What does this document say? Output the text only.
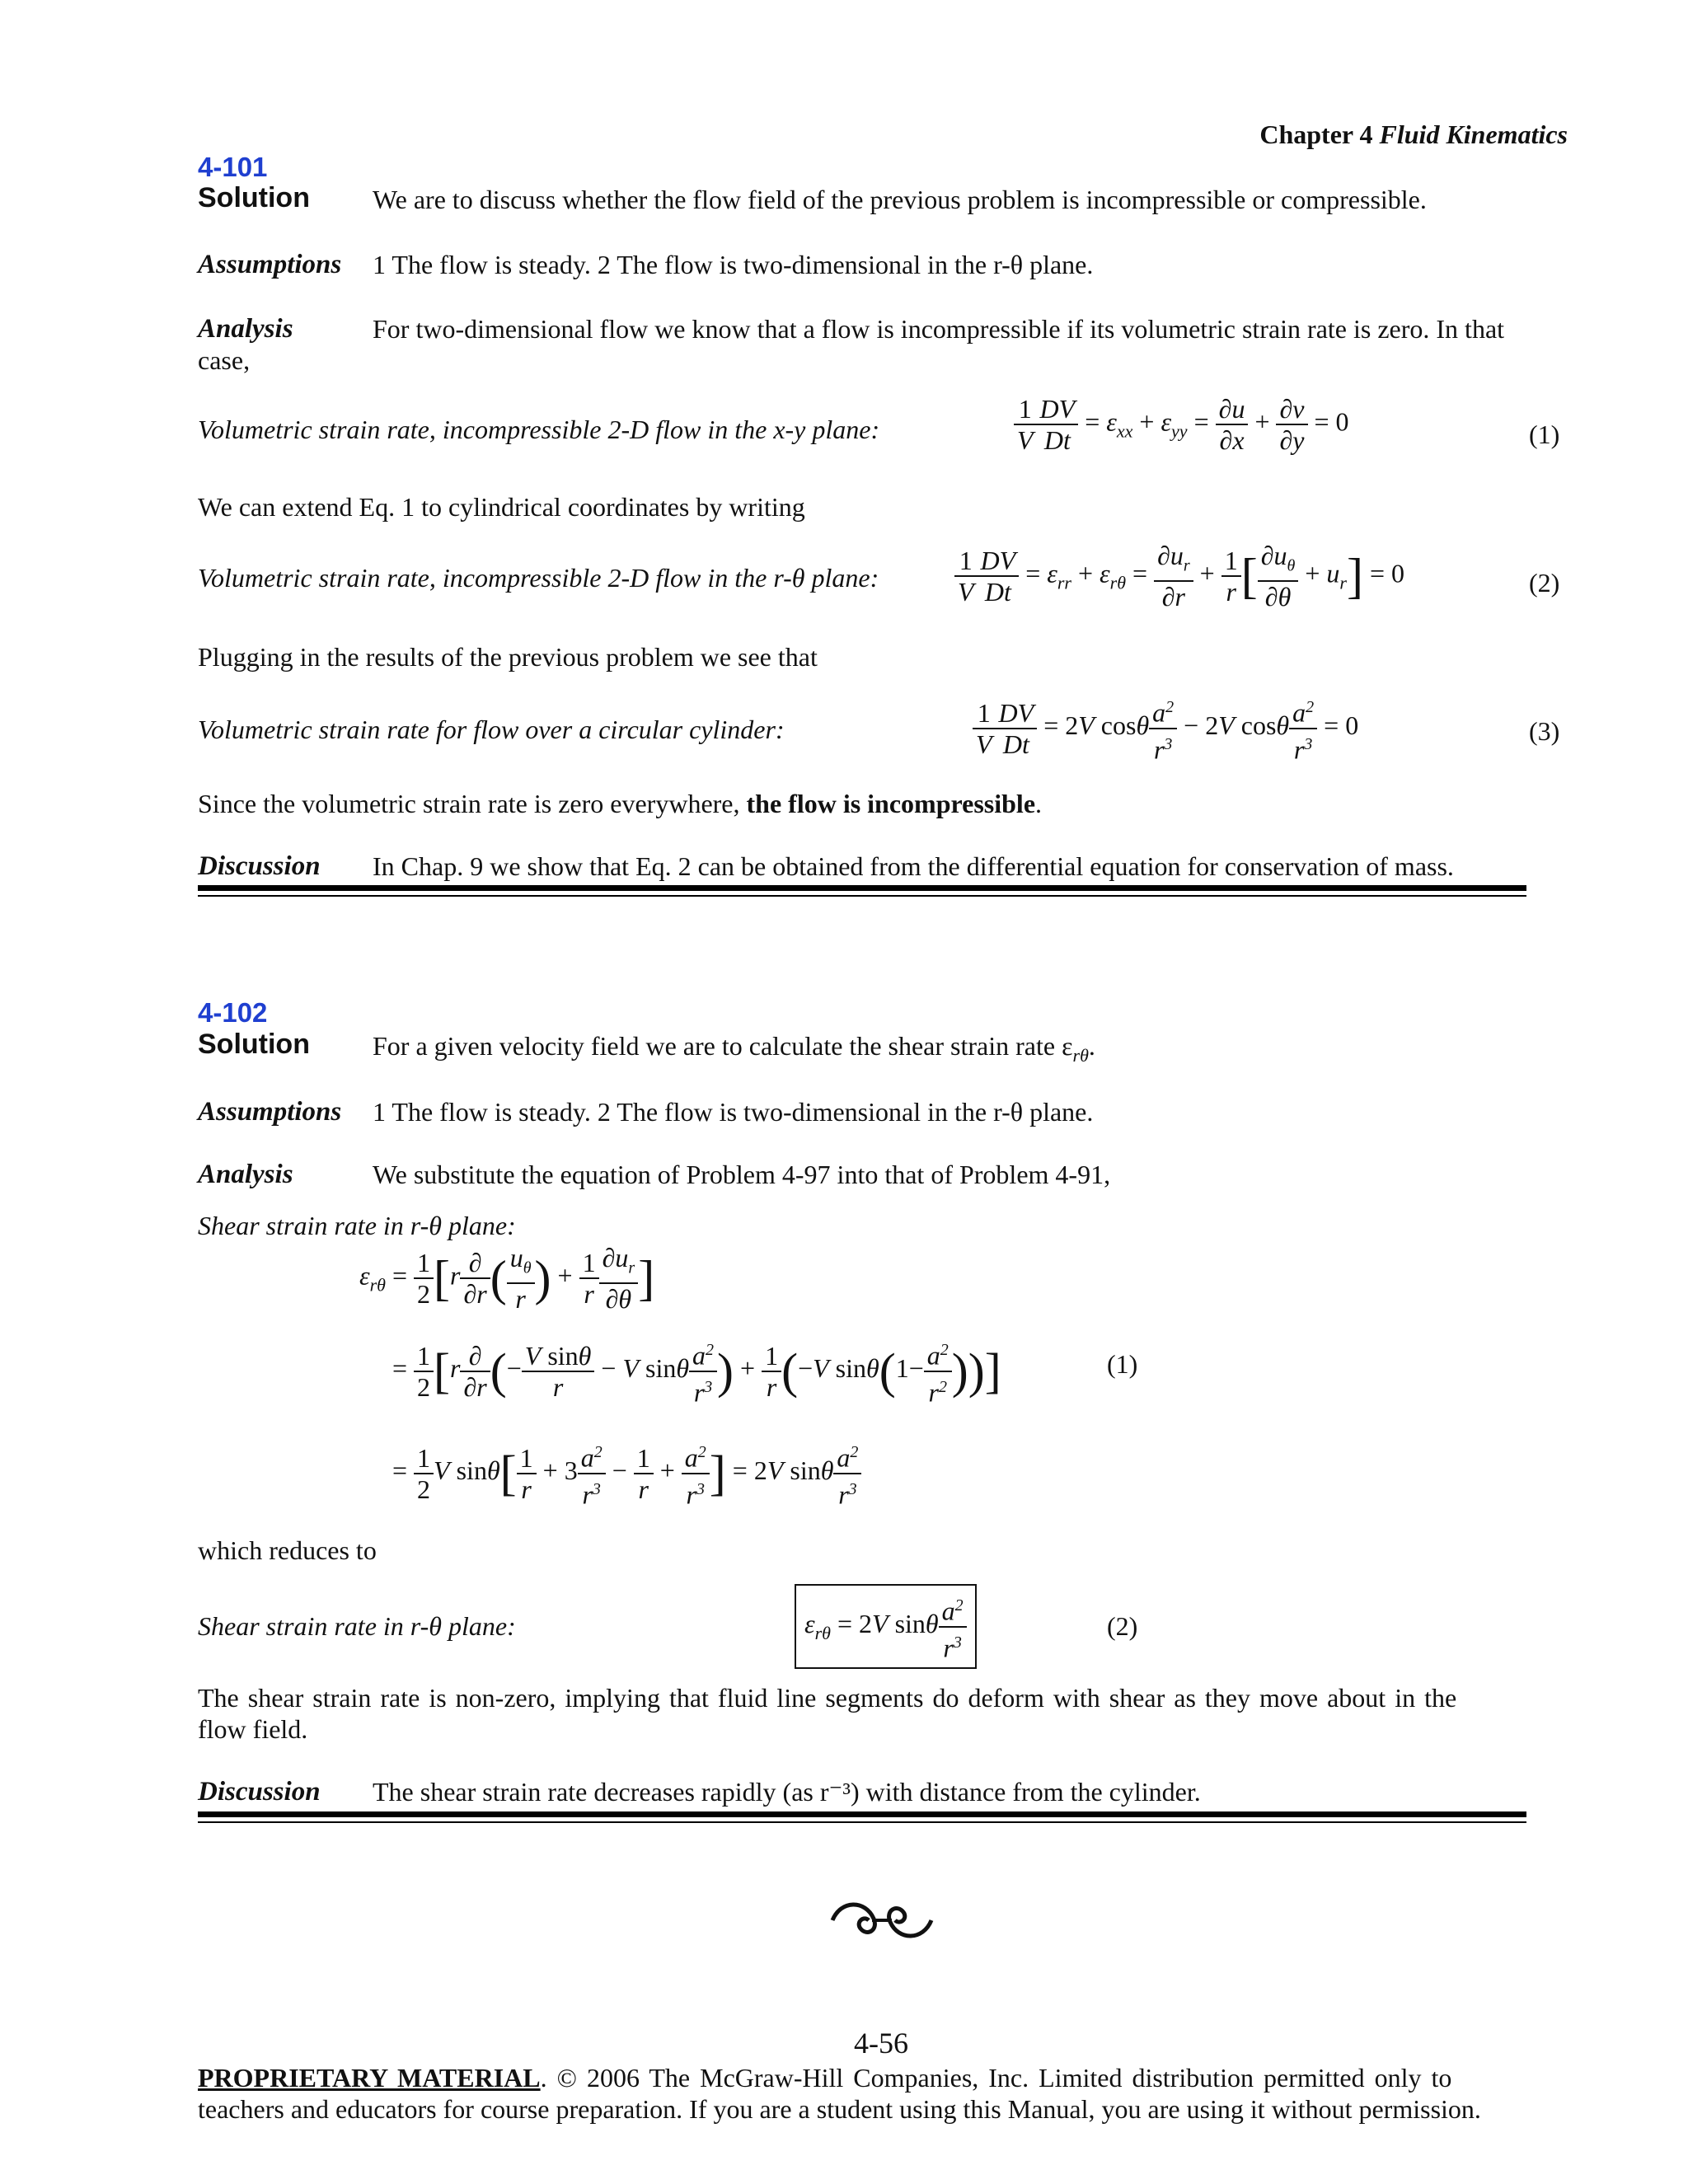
Chapter 4 Fluid Kinematics
4-101
Solution We are to discuss whether the flow field of the previous problem is incompressible or compressible.
Assumptions 1 The flow is steady. 2 The flow is two-dimensional in the r-θ plane.
Analysis	For two-dimensional flow we know that a flow is incompressible if its volumetric strain rate is zero. In that
case,
Volumetric strain rate, incompressible 2-D flow in the x-y plane:	$\frac{1}{V} \frac{DV}{Dt} = \varepsilon_{xx} + \varepsilon_{yy} = \frac{\partial u}{\partial x} + \frac{\partial v}{\partial y} = 0$	(1)
We can extend Eq. 1 to cylindrical coordinates by writing
Volumetric strain rate, incompressible 2-D flow in the r-θ plane:	$\frac{1}{V} \frac{DV}{Dt} = \varepsilon_{rr} + \varepsilon_{r\theta} = \frac{\partial u_r}{\partial r} + \frac{1}{r}$ [ $\frac{\partial u_\theta}{\partial\theta} + u_r] = 0$	(2)
Plugging in the results of the previous problem we see that
Volumetric strain rate for flow over a circular cylinder:	$\frac{1}{V} \frac{DV}{Dt} = 2V$ cosθ $\frac{a^2}{r^3} - 2V$ cosθ $\frac{a^2}{r^3} = 0$	(3)
Since the volumetric strain rate is zero everywhere, the flow is incompressible.
Discussion In Chap. 9 we show that Eq. 2 can be obtained from the differential equation for conservation of mass.
4-102
Solution For a given velocity field we are to calculate the shear strain rate $\varepsilon_{r\theta}$.
Assumptions 1 The flow is steady. 2 The flow is two-dimensional in the r-θ plane.
Analysis	We substitute the equation of Problem 4-97 into that of Problem 4-91,
Shear strain rate in r-θ plane:
$\varepsilon_{r\theta} = \frac{1}{2} [r \frac{\partial}{\partial r}$ ( $\frac{u_\theta}{r}$ ) + $\frac{1}{r} \frac{\partial u_r}{\partial\theta}$ ]
= $\frac{1}{2} [r \frac{\partial}{\partial r}$ (− $\frac{\text{V sinθ}}{r} - V$ sinθ $\frac{a^2}{r^3}$ ) + $\frac{1}{r} (-V$ $\sin\theta(1- \frac{a^2}{r^2}$ ))]	(1)
= $\frac{1}{2}$ V $\sin\theta[ \frac{1}{r} + 3 \frac{a^2}{r^3} - \frac{1}{r} + \frac{a^2}{r^3}$ ] = 2V sinθ $\frac{a^2}{r^3}$
which reduces to
Shear strain rate in r-θ plane:	$\varepsilon_{r\theta} = 2V$ sinθ $\frac{a^2}{r^3}$	(2)
The shear strain rate is non-zero, implying that fluid line segments do deform with shear as they move about in the
flow field.
Discussion The shear strain rate decreases rapidly (as r⁻³) with distance from the cylinder.
4-56
PROPRIETARY MATERIAL. © 2006 The McGraw-Hill Companies, Inc. Limited distribution permitted only to
teachers and educators for course preparation. If you are a student using this Manual, you are using it without permission.
